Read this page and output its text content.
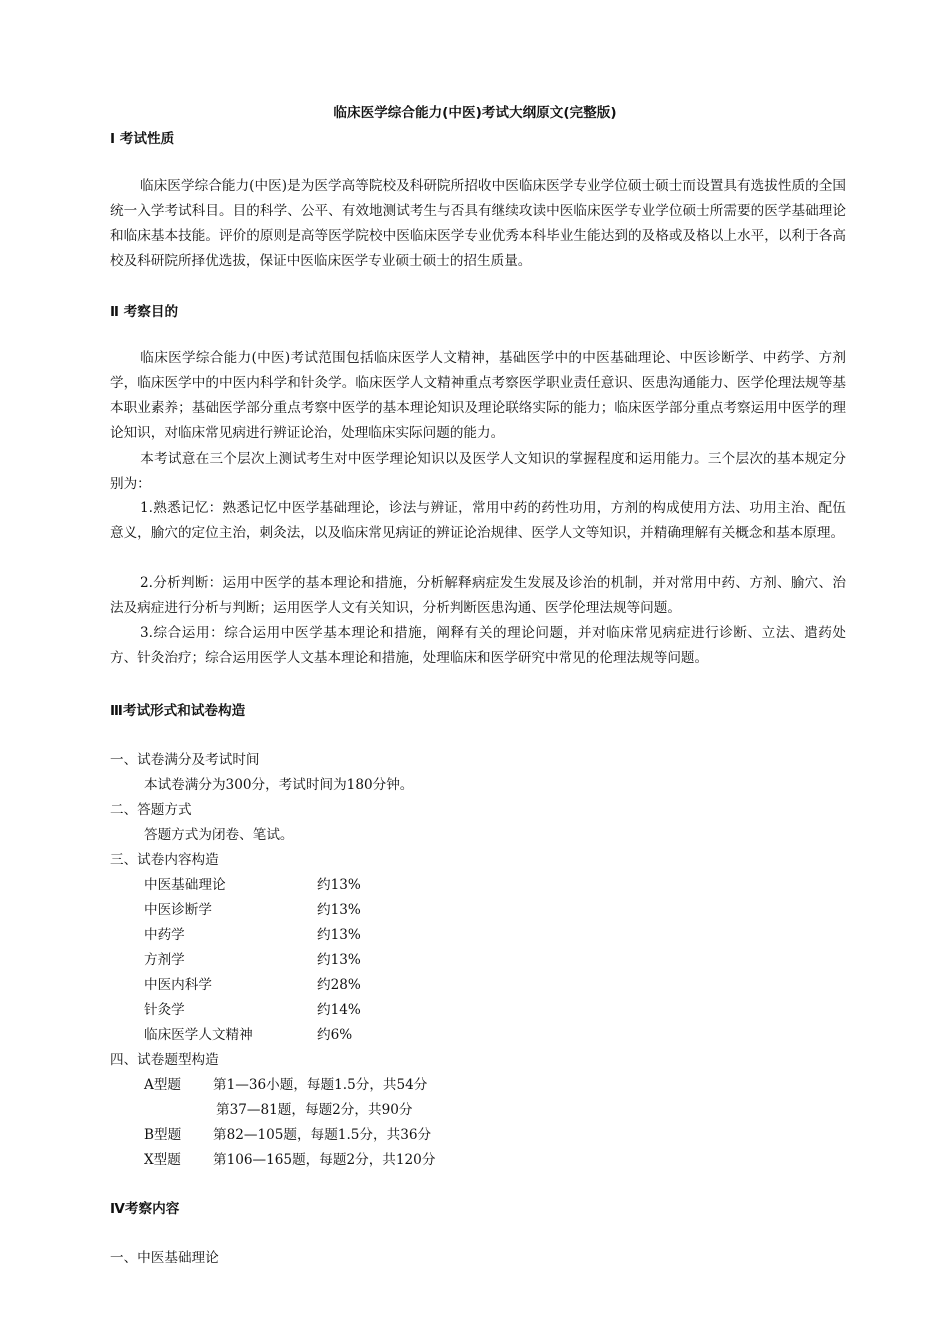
临床医学综合能力(中医)考试大纲原文(完整版)
Ⅰ 考试性质

临床医学综合能力(中医)是为医学高等院校及科研院所招收中医临床医学专业学位硕士硕士而设置具有选拔性质的全国统一入学考试科目。目的科学、公平、有效地测试考生与否具有继续攻读中医临床医学专业学位硕士所需要的医学基础理论和临床基本技能。评价的原则是高等医学院校中医临床医学专业优秀本科毕业生能达到的及格或及格以上水平，以利于各高校及科研院所择优选拔，保证中医临床医学专业硕士硕士的招生质量。

Ⅱ 考察目的

临床医学综合能力(中医)考试范围包括临床医学人文精神，基础医学中的中医基础理论、中医诊断学、中药学、方剂学，临床医学中的中医内科学和针灸学。临床医学人文精神重点考察医学职业责任意识、医患沟通能力、医学伦理法规等基本职业素养；基础医学部分重点考察中医学的基本理论知识及理论联络实际的能力；临床医学部分重点考察运用中医学的理论知识，对临床常见病进行辨证论治，处理临床实际问题的能力。

本考试意在三个层次上测试考生对中医学理论知识以及医学人文知识的掌握程度和运用能力。三个层次的基本规定分别为：

1.熟悉记忆：熟悉记忆中医学基础理论，诊法与辨证，常用中药的药性功用，方剂的构成使用方法、功用主治、配伍意义，腧穴的定位主治，刺灸法，以及临床常见病证的辨证论治规律、医学人文等知识，并精确理解有关概念和基本原理。

2.分析判断：运用中医学的基本理论和措施，分析解释病症发生发展及诊治的机制，并对常用中药、方剂、腧穴、治法及病症进行分析与判断；运用医学人文有关知识，分析判断医患沟通、医学伦理法规等问题。

3.综合运用：综合运用中医学基本理论和措施，阐释有关的理论问题，并对临床常见病症进行诊断、立法、遣药处方、针灸治疗；综合运用医学人文基本理论和措施，处理临床和医学研究中常见的伦理法规等问题。

Ⅲ考试形式和试卷构造
一、试卷满分及考试时间
本试卷满分为300分，考试时间为180分钟。
二、答题方式
答题方式为闭卷、笔试。
三、试卷内容构造
中医基础理论	约13%
中医诊断学	约13%
中药学	约13%
方剂学	约13%
中医内科学	约28%
针灸学	约14%
临床医学人文精神	约6%
四、试卷题型构造
A型题 第1—36小题，每题1.5分，共54分
第37—81题，每题2分，共90分
B型题 第82—105题，每题1.5分，共36分
X型题 第106—165题，每题2分，共120分
Ⅳ考察内容
一、中医基础理论
